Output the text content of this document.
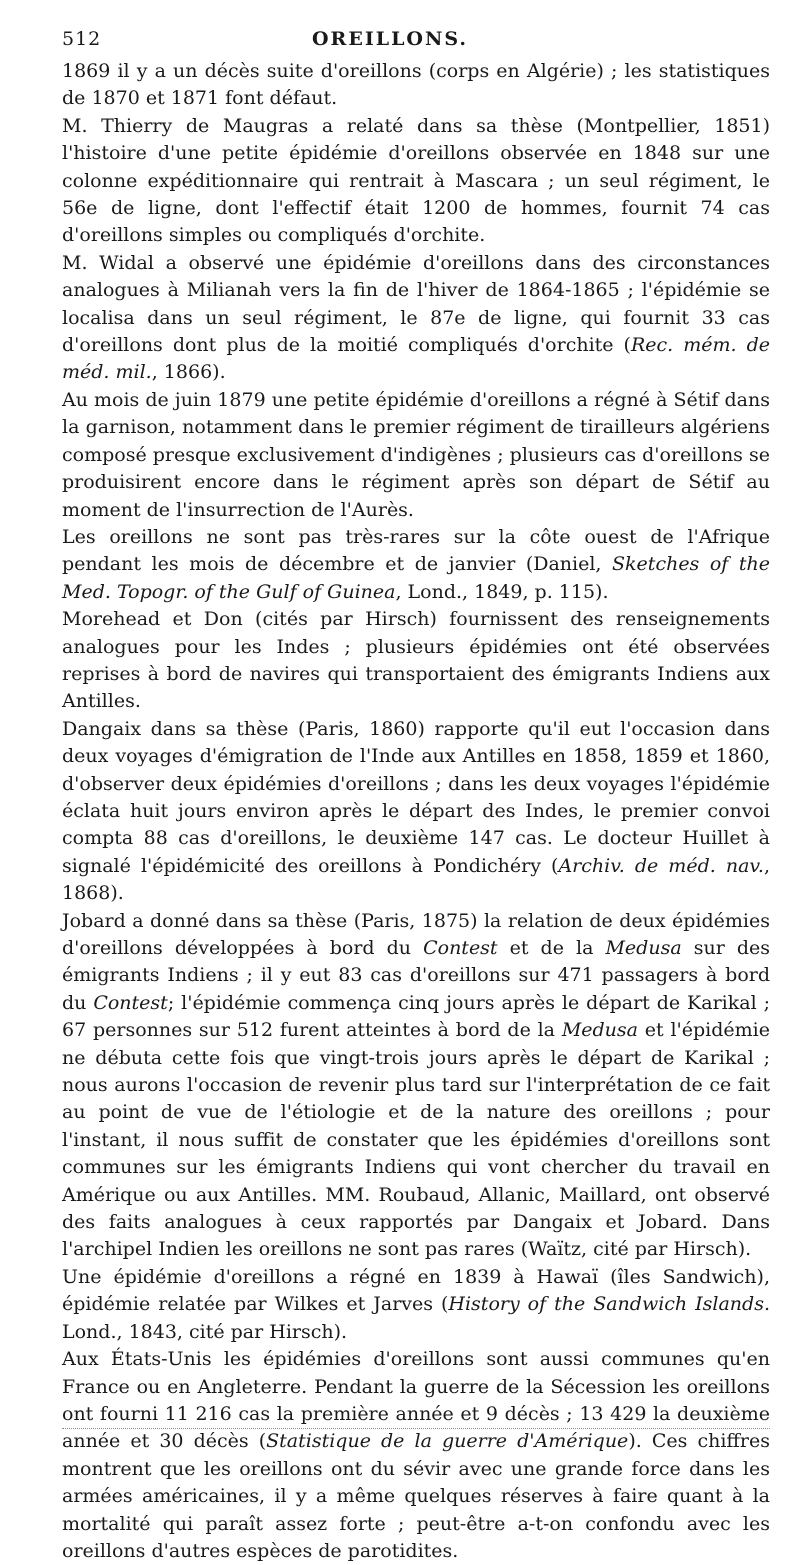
512	OREILLONS.

1869 il y a un décès suite d'oreillons (corps en Algérie) ; les statistiques de 1870 et 1871 font défaut.

M. Thierry de Maugras a relaté dans sa thèse (Montpellier, 1851) l'histoire d'une petite épidémie d'oreillons observée en 1848 sur une colonne expéditionnaire qui rentrait à Mascara ; un seul régiment, le 56e de ligne, dont l'effectif était 1200 de hommes, fournit 74 cas d'oreillons simples ou compliqués d'orchite.

M. Widal a observé une épidémie d'oreillons dans des circonstances analogues à Milianah vers la fin de l'hiver de 1864-1865 ; l'épidémie se localisa dans un seul régiment, le 87e de ligne, qui fournit 33 cas d'oreillons dont plus de la moitié compliqués d'orchite (Rec. mém. de méd. mil., 1866).

Au mois de juin 1879 une petite épidémie d'oreillons a régné à Sétif dans la garnison, notamment dans le premier régiment de tirailleurs algériens composé presque exclusivement d'indigènes ; plusieurs cas d'oreillons se produisirent encore dans le régiment après son départ de Sétif au moment de l'insurrection de l'Aurès.

Les oreillons ne sont pas très-rares sur la côte ouest de l'Afrique pendant les mois de décembre et de janvier (Daniel, Sketches of the Med. Topogr. of the Gulf of Guinea, Lond., 1849, p. 115).

Morehead et Don (cités par Hirsch) fournissent des renseignements analogues pour les Indes ; plusieurs épidémies ont été observées reprises à bord de navires qui transportaient des émigrants Indiens aux Antilles.

Dangaix dans sa thèse (Paris, 1860) rapporte qu'il eut l'occasion dans deux voyages d'émigration de l'Inde aux Antilles en 1858, 1859 et 1860, d'observer deux épidémies d'oreillons ; dans les deux voyages l'épidémie éclata huit jours environ après le départ des Indes, le premier convoi compta 88 cas d'oreillons, le deuxième 147 cas. Le docteur Huillet à signalé l'épidémicité des oreillons à Pondichéry (Archiv. de méd. nav., 1868).

Jobard a donné dans sa thèse (Paris, 1875) la relation de deux épidémies d'oreillons développées à bord du Contest et de la Medusa sur des émigrants Indiens ; il y eut 83 cas d'oreillons sur 471 passagers à bord du Contest; l'épidémie commença cinq jours après le départ de Karikal ; 67 personnes sur 512 furent atteintes à bord de la Medusa et l'épidémie ne débuta cette fois que vingt-trois jours après le départ de Karikal ; nous aurons l'occasion de revenir plus tard sur l'interprétation de ce fait au point de vue de l'étiologie et de la nature des oreillons ; pour l'instant, il nous suffit de constater que les épidémies d'oreillons sont communes sur les émigrants Indiens qui vont chercher du travail en Amérique ou aux Antilles. MM. Roubaud, Allanic, Maillard, ont observé des faits analogues à ceux rapportés par Dangaix et Jobard. Dans l'archipel Indien les oreillons ne sont pas rares (Waïtz, cité par Hirsch).

Une épidémie d'oreillons a régné en 1839 à Hawaï (îles Sandwich), épidémie relatée par Wilkes et Jarves (History of the Sandwich Islands. Lond., 1843, cité par Hirsch).

Aux États-Unis les épidémies d'oreillons sont aussi communes qu'en France ou en Angleterre. Pendant la guerre de la Sécession les oreillons ont fourni 11 216 cas la première année et 9 décès ; 13 429 la deuxième année et 30 décès (Statistique de la guerre d'Amérique). Ces chiffres montrent que les oreillons ont du sévir avec une grande force dans les armées américaines, il y a même quelques réserves à faire quant à la mortalité qui paraît assez forte ; peut-être a-t-on confondu avec les oreillons d'autres espèces de parotidites.
